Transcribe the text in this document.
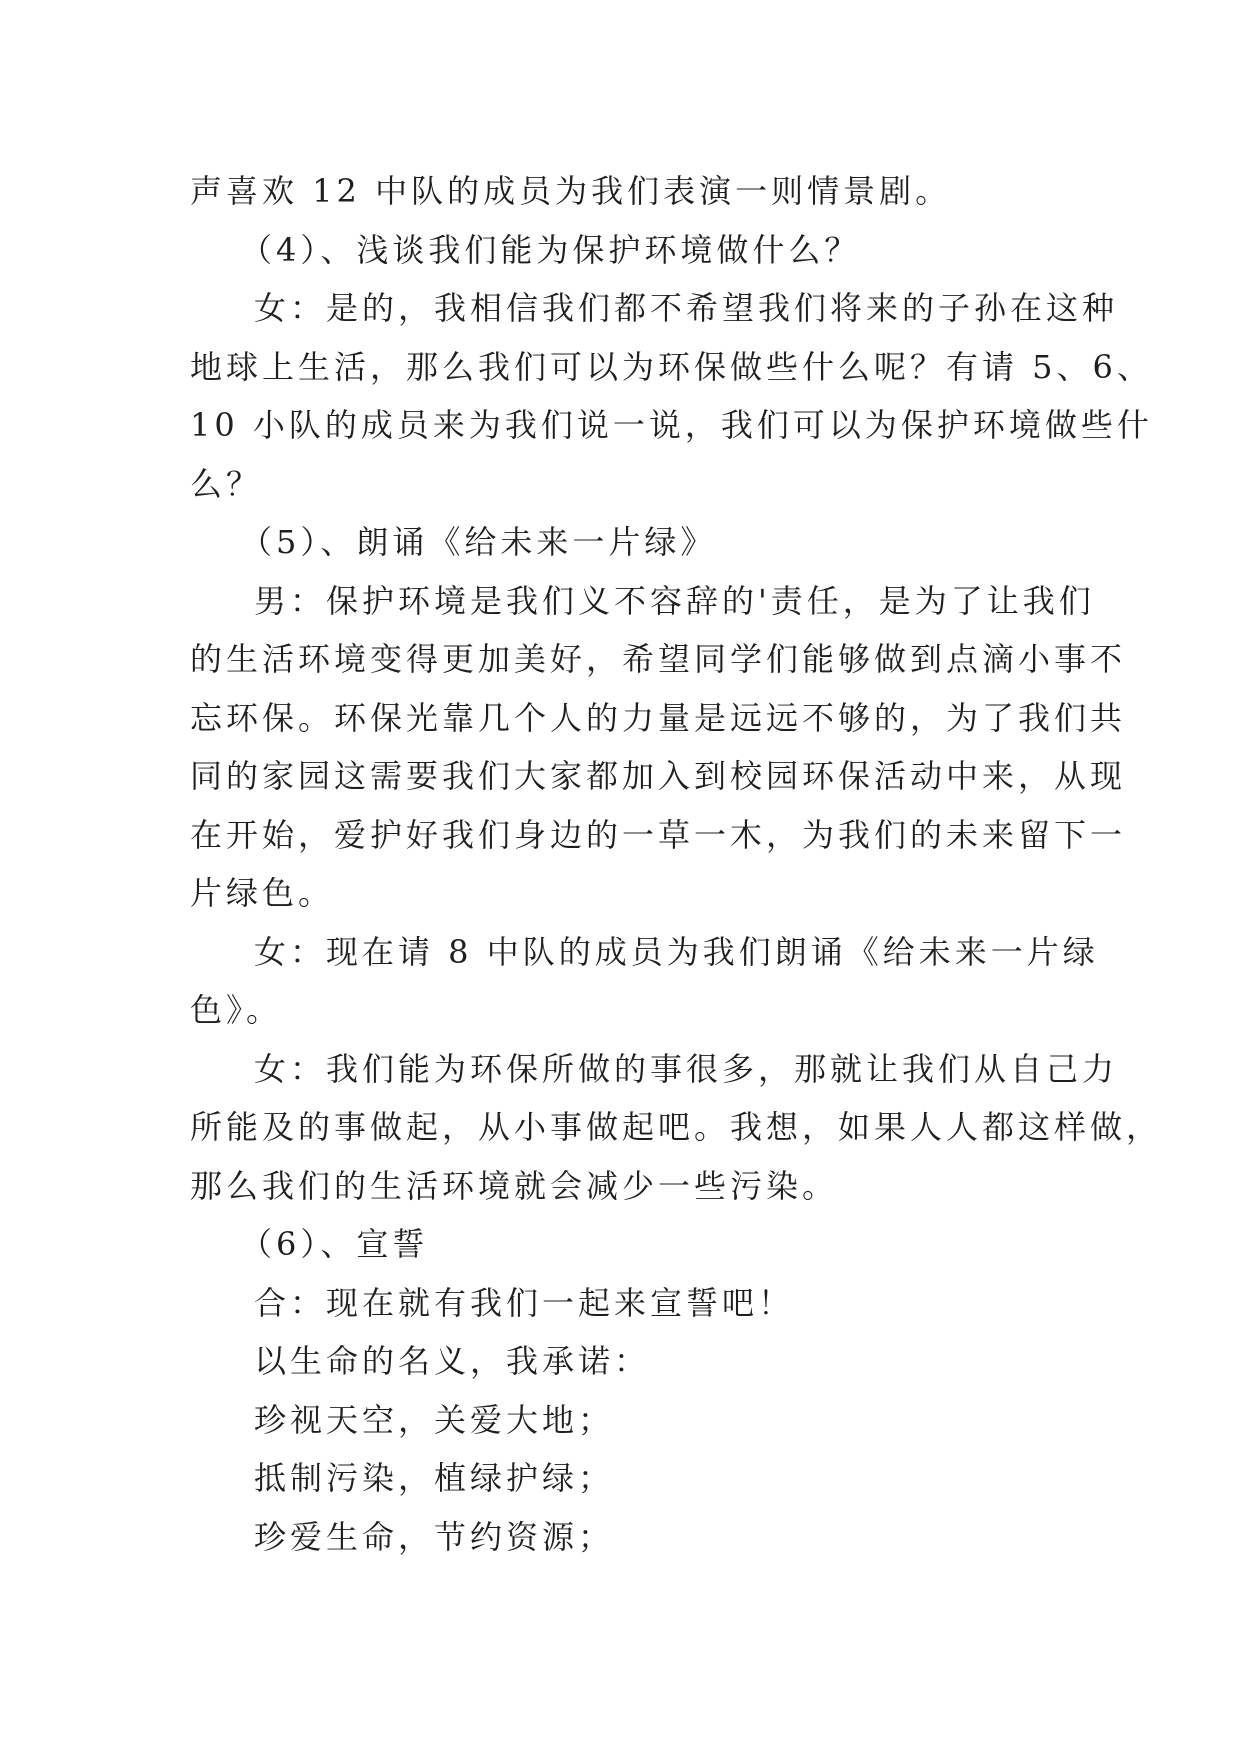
声喜欢 12 中队的成员为我们表演一则情景剧。
（4）、浅谈我们能为保护环境做什么？
女：是的，我相信我们都不希望我们将来的子孙在这种
地球上生活，那么我们可以为环保做些什么呢？有请 5、6、
10 小队的成员来为我们说一说，我们可以为保护环境做些什
么？
（5）、朗诵《给未来一片绿》
男：保护环境是我们义不容辞的'责任，是为了让我们
的生活环境变得更加美好，希望同学们能够做到点滴小事不
忘环保。环保光靠几个人的力量是远远不够的，为了我们共
同的家园这需要我们大家都加入到校园环保活动中来，从现
在开始，爱护好我们身边的一草一木，为我们的未来留下一
片绿色。
女：现在请 8 中队的成员为我们朗诵《给未来一片绿
色》。
女：我们能为环保所做的事很多，那就让我们从自己力
所能及的事做起，从小事做起吧。我想，如果人人都这样做，
那么我们的生活环境就会减少一些污染。
（6）、宣誓
合：现在就有我们一起来宣誓吧！
以生命的名义，我承诺：
珍视天空，关爱大地；
抵制污染，植绿护绿；
珍爱生命，节约资源；
